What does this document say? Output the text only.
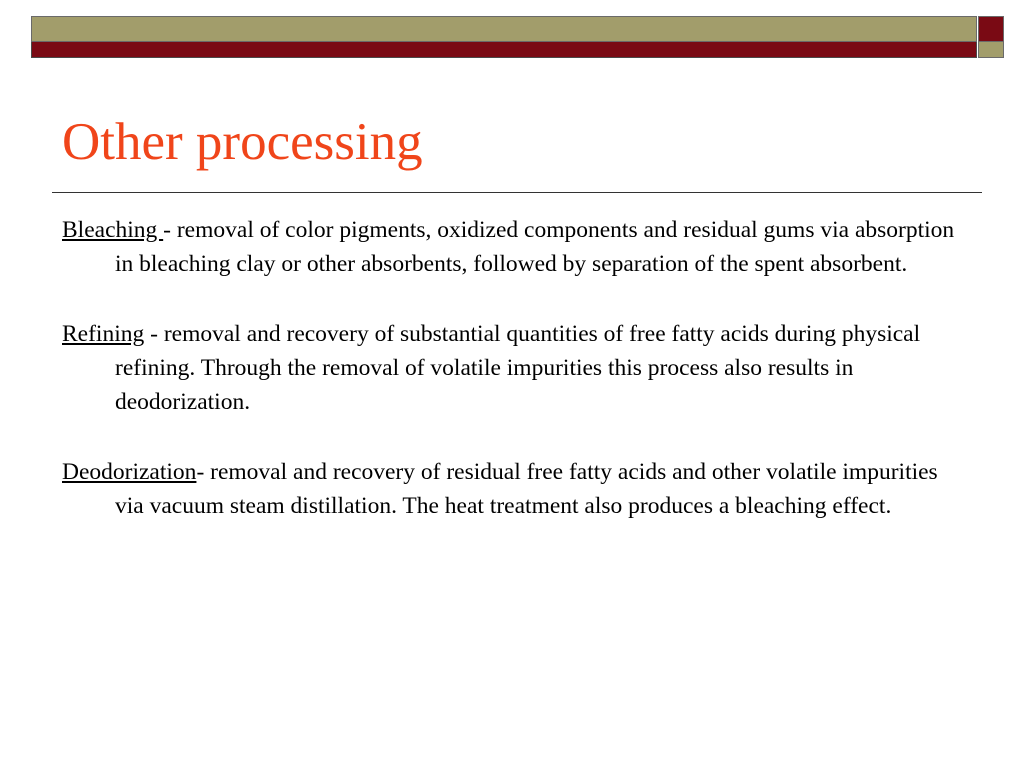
Other processing

Bleaching - removal of color pigments, oxidized components and residual gums via absorption in bleaching clay or other absorbents, followed by separation of the spent absorbent.

Refining - removal and recovery of substantial quantities of free fatty acids during physical refining. Through the removal of volatile impurities this process also results in deodorization.

Deodorization- removal and recovery of residual free fatty acids and other volatile impurities via vacuum steam distillation. The heat treatment also produces a bleaching effect.
